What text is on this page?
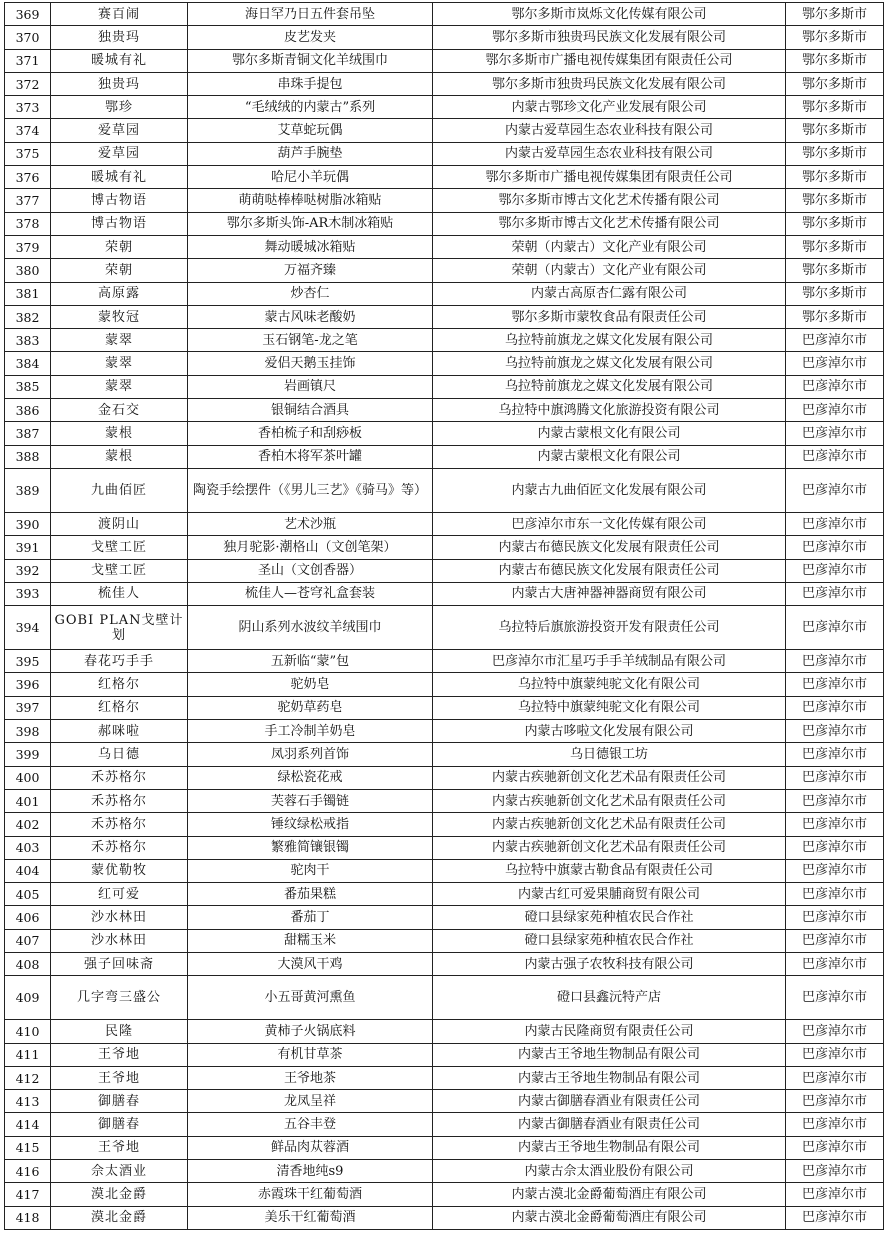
369	赛百闹	海日罕乃日五件套吊坠	鄂尔多斯市岚烁文化传媒有限公司	鄂尔多斯市
370	独贵玛	皮艺发夹	鄂尔多斯市独贵玛民族文化发展有限公司	鄂尔多斯市
371	暖城有礼	鄂尔多斯青铜文化羊绒围巾	鄂尔多斯市广播电视传媒集团有限责任公司	鄂尔多斯市
372	独贵玛	串珠手提包	鄂尔多斯市独贵玛民族文化发展有限公司	鄂尔多斯市
373	鄂珍	“毛绒绒的内蒙古”系列	内蒙古鄂珍文化产业发展有限公司	鄂尔多斯市
374	爱草园	艾草蛇玩偶	内蒙古爱草园生态农业科技有限公司	鄂尔多斯市
375	爱草园	葫芦手腕垫	内蒙古爱草园生态农业科技有限公司	鄂尔多斯市
376	暖城有礼	哈尼小羊玩偶	鄂尔多斯市广播电视传媒集团有限责任公司	鄂尔多斯市
377	博古物语	萌萌哒棒棒哒树脂冰箱贴	鄂尔多斯市博古文化艺术传播有限公司	鄂尔多斯市
378	博古物语	鄂尔多斯头饰-AR木制冰箱贴	鄂尔多斯市博古文化艺术传播有限公司	鄂尔多斯市
379	荣朝	舞动暖城冰箱贴	荣朝（内蒙古）文化产业有限公司	鄂尔多斯市
380	荣朝	万福齐臻	荣朝（内蒙古）文化产业有限公司	鄂尔多斯市
381	高原露	炒杏仁	内蒙古高原杏仁露有限公司	鄂尔多斯市
382	蒙牧冠	蒙古风味老酸奶	鄂尔多斯市蒙牧食品有限责任公司	鄂尔多斯市
383	蒙翠	玉石钢笔-龙之笔	乌拉特前旗龙之媒文化发展有限公司	巴彦淖尔市
384	蒙翠	爱侣天鹅玉挂饰	乌拉特前旗龙之媒文化发展有限公司	巴彦淖尔市
385	蒙翠	岩画镇尺	乌拉特前旗龙之媒文化发展有限公司	巴彦淖尔市
386	金石交	银铜结合酒具	乌拉特中旗鸿腾文化旅游投资有限公司	巴彦淖尔市
387	蒙根	香柏梳子和刮痧板	内蒙古蒙根文化有限公司	巴彦淖尔市
388	蒙根	香柏木将军茶叶罐	内蒙古蒙根文化有限公司	巴彦淖尔市
389	九曲佰匠	陶瓷手绘摆件（《男儿三艺》《骑马》等）	内蒙古九曲佰匠文化发展有限公司	巴彦淖尔市
390	渡阴山	艺术沙瓶	巴彦淖尔市东一文化传媒有限公司	巴彦淖尔市
391	戈壁工匠	独月驼影·潮格山（文创笔架）	内蒙古布德民族文化发展有限责任公司	巴彦淖尔市
392	戈壁工匠	圣山（文创香器）	内蒙古布德民族文化发展有限责任公司	巴彦淖尔市
393	梳佳人	梳佳人—苍穹礼盒套装	内蒙古大唐神器神器商贸有限公司	巴彦淖尔市
394	GOBI PLAN戈壁计划	阴山系列水波纹羊绒围巾	乌拉特后旗旅游投资开发有限责任公司	巴彦淖尔市
395	春花巧手手	五新临“蒙”包	巴彦淖尔市汇星巧手手羊绒制品有限公司	巴彦淖尔市
396	红格尔	驼奶皂	乌拉特中旗蒙纯驼文化有限公司	巴彦淖尔市
397	红格尔	驼奶草药皂	乌拉特中旗蒙纯驼文化有限公司	巴彦淖尔市
398	郝咪啦	手工冷制羊奶皂	内蒙古哆啦文化发展有限公司	巴彦淖尔市
399	乌日德	凤羽系列首饰	乌日德银工坊	巴彦淖尔市
400	禾苏格尔	绿松瓷花戒	内蒙古疾驰新创文化艺术品有限责任公司	巴彦淖尔市
401	禾苏格尔	芙蓉石手镯链	内蒙古疾驰新创文化艺术品有限责任公司	巴彦淖尔市
402	禾苏格尔	锤纹绿松戒指	内蒙古疾驰新创文化艺术品有限责任公司	巴彦淖尔市
403	禾苏格尔	繁雅简镶银镯	内蒙古疾驰新创文化艺术品有限责任公司	巴彦淖尔市
404	蒙优勒牧	驼肉干	乌拉特中旗蒙古勒食品有限责任公司	巴彦淖尔市
405	红可爱	番茄果糕	内蒙古红可爱果脯商贸有限公司	巴彦淖尔市
406	沙水林田	番茄丁	磴口县绿家苑种植农民合作社	巴彦淖尔市
407	沙水林田	甜糯玉米	磴口县绿家苑种植农民合作社	巴彦淖尔市
408	强子回味斋	大漠风干鸡	内蒙古强子农牧科技有限公司	巴彦淖尔市
409	几字弯三盛公	小五哥黄河熏鱼	磴口县鑫沅特产店	巴彦淖尔市
410	民隆	黄柿子火锅底料	内蒙古民隆商贸有限责任公司	巴彦淖尔市
411	王爷地	有机甘草茶	内蒙古王爷地生物制品有限公司	巴彦淖尔市
412	王爷地	王爷地茶	内蒙古王爷地生物制品有限公司	巴彦淖尔市
413	御膳春	龙凤呈祥	内蒙古御膳春酒业有限责任公司	巴彦淖尔市
414	御膳春	五谷丰登	内蒙古御膳春酒业有限责任公司	巴彦淖尔市
415	王爷地	鲜品肉苁蓉酒	内蒙古王爷地生物制品有限公司	巴彦淖尔市
416	佘太酒业	清香地纯s9	内蒙古佘太酒业股份有限公司	巴彦淖尔市
417	漠北金爵	赤霞珠干红葡萄酒	内蒙古漠北金爵葡萄酒庄有限公司	巴彦淖尔市
418	漠北金爵	美乐干红葡萄酒	内蒙古漠北金爵葡萄酒庄有限公司	巴彦淖尔市
